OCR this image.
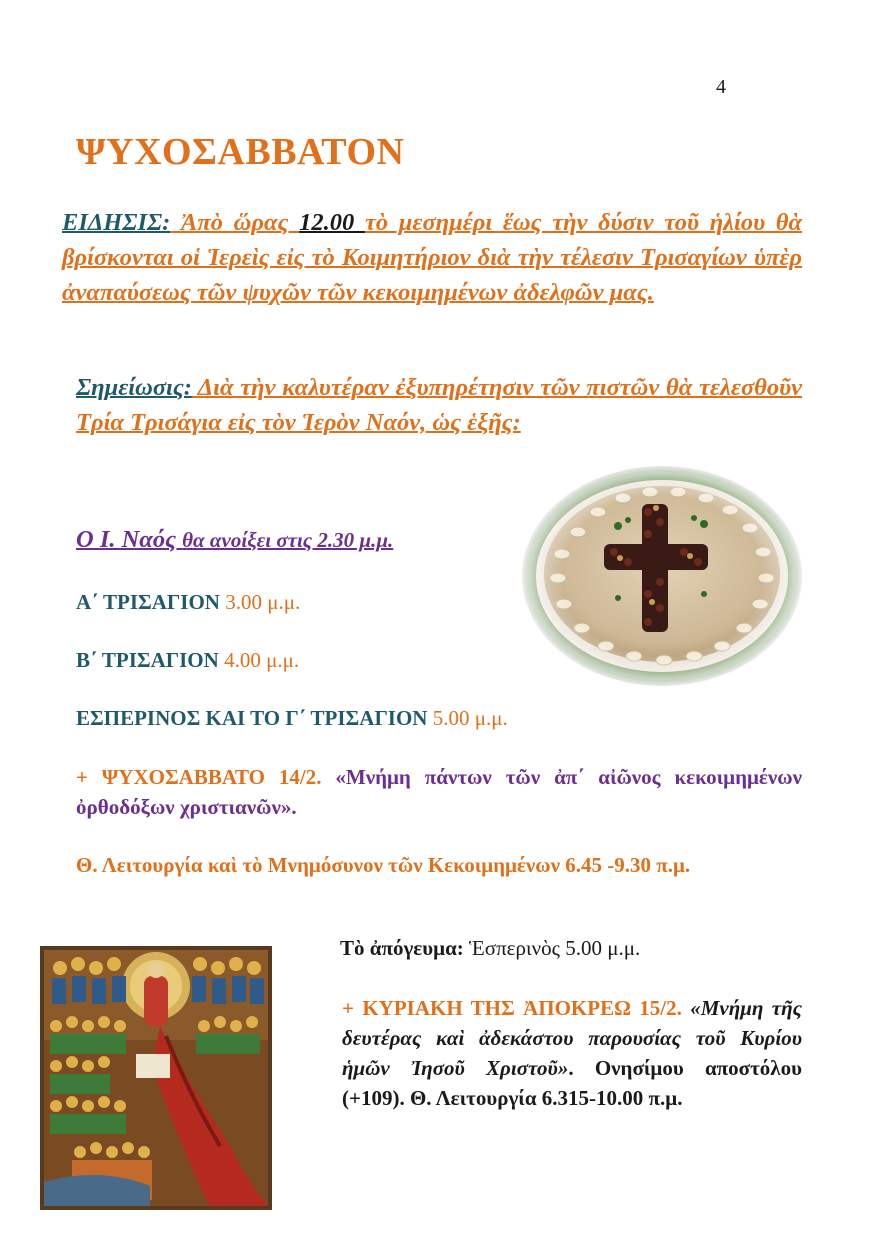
4
ΨΥΧΟΣΑΒΒΑΤΟΝ
ΕΙΔΗΣΙΣ: Ἀπὸ ὥρας 12.00 τὸ μεσημέρι ἕως τὴν δύσιν τοῦ ἡλίου θὰ βρίσκονται οἱ Ἱερεὶς εἰς τὸ Κοιμητήριον διὰ τὴν τέλεσιν Τρισαγίων ὑπὲρ ἀναπαύσεως τῶν ψυχῶν τῶν κεκοιμημένων ἀδελφῶν μας.
Σημείωσις: Διὰ τὴν καλυτέραν ἐξυπηρέτησιν τῶν πιστῶν θὰ τελεσθοῦν Τρία Τρισάγια εἰς τὸν Ἱερὸν Ναόν, ὡς ἑξῆς:
Ο Ι. Ναός θα ανοίξει στις 2.30 μ.μ.
Α΄ ΤΡΙΣΑΓΙΟΝ 3.00 μ.μ.
Β΄ ΤΡΙΣΑΓΙΟΝ 4.00 μ.μ.
ΕΣΠΕΡΙΝΟΣ ΚΑΙ ΤΟ Γ΄ ΤΡΙΣΑΓΙΟΝ 5.00 μ.μ.
+ ΨΥΧΟΣΑΒΒΑΤΟ 14/2. «Μνήμη πάντων τῶν ἀπ΄ αἰῶνος κεκοιμημένων ὀρθοδόξων χριστιανῶν».
Θ. Λειτουργία καὶ τὸ Μνημόσυνον τῶν Κεκοιμημένων 6.45 -9.30 π.μ.
Τὸ ἀπόγευμα: Ἑσπερινὸς 5.00 μ.μ.
+ ΚΥΡΙΑΚΗ ΤΗΣ ἈΠΟΚΡΕΩ 15/2. «Μνήμη τῆς δευτέρας καὶ ἀδεκάστου παρουσίας τοῦ Κυρίου ἡμῶν Ἰησοῦ Χριστοῦ». Ονησίμου αποστόλου (+109). Θ. Λειτουργία 6.315-10.00 π.μ.
